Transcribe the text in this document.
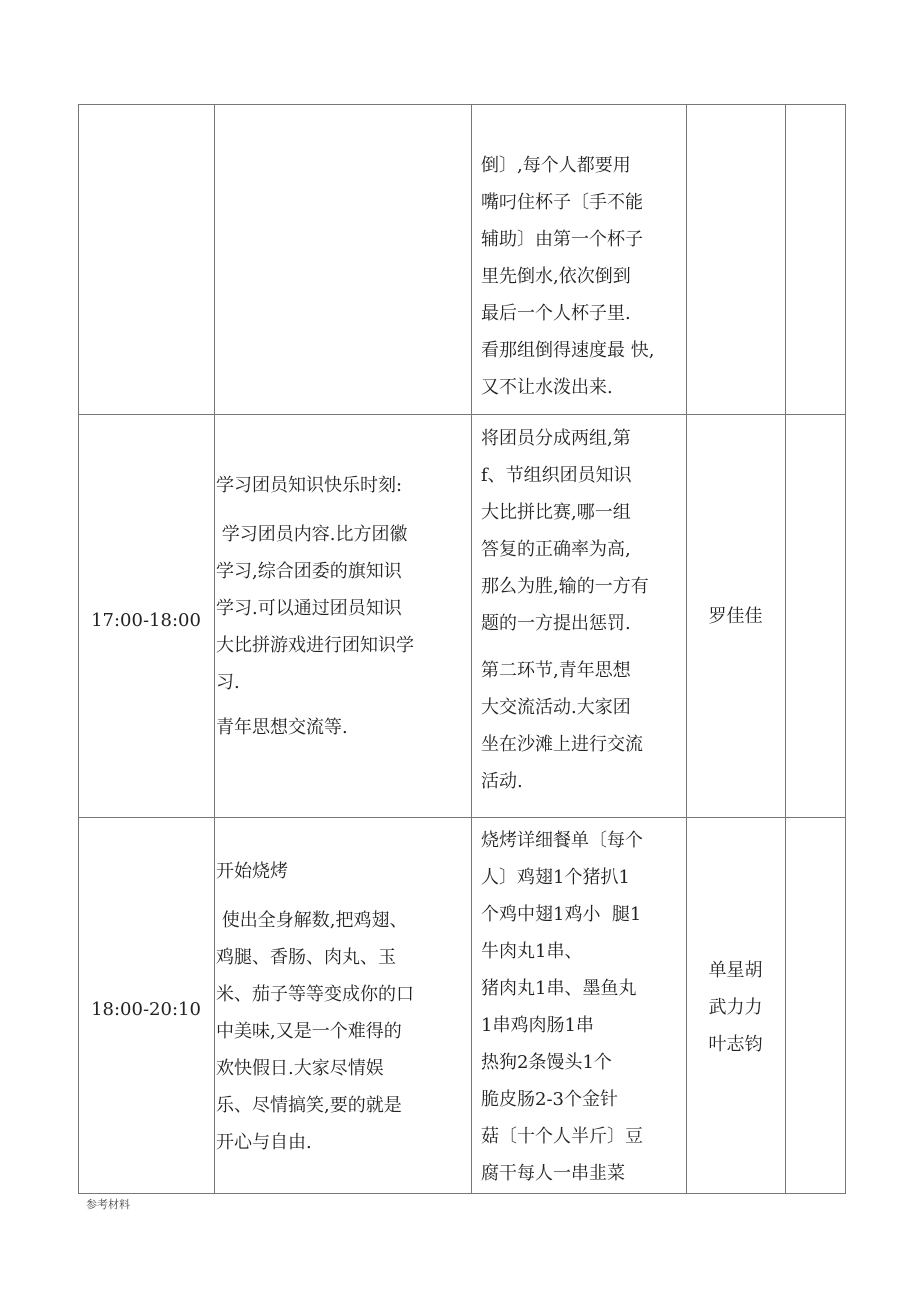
倒〕,每个人都要用

嘴叼住杯子〔手不能

辅助〕由第一个杯子

里先倒水,依次倒到

最后一个人杯子里.

看那组倒得速度最 快,

又不让水泼出来.

17:00-18:00

学习团员知识快乐时刻:

学习团员内容.比方团徽

学习,综合团委的旗知识

学习.可以通过团员知识

大比拼游戏进行团知识学

习.

青年思想交流等.

将团员分成两组,第

f、节组织团员知识

大比拼比赛,哪一组

答复的正确率为高,

那么为胜,输的一方有

题的一方提出惩罚.

第二环节,青年思想

大交流活动.大家团

坐在沙滩上进行交流

活动.

罗佳佳

18:00-20:10

开始烧烤

使出全身解数,把鸡翅、

鸡腿、香肠、肉丸、玉

米、茄子等等变成你的口

中美味,又是一个难得的

欢快假日.大家尽情娱

乐、尽情搞笑,要的就是

开心与自由.

烧烤详细餐单〔每个

人〕鸡翅1个猪扒1

个鸡中翅1鸡小  腿1

牛肉丸1串、

猪肉丸1串、墨鱼丸

1串鸡肉肠1串

热狗2条馒头1个

脆皮肠2-3个金针

菇〔十个人半斤〕豆

腐干每人一串韭菜

单星胡

武力力

叶志钧

参考材料
